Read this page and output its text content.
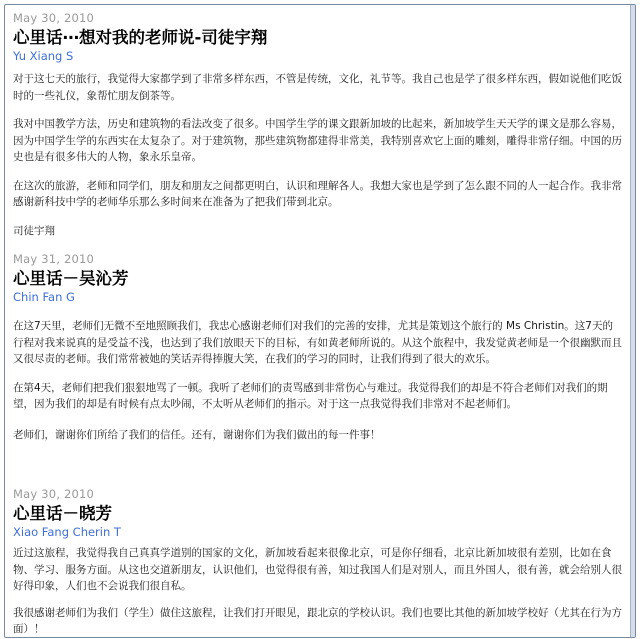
May 30, 2010
心里话⋯想对我的老师说-司徒宇翔
Yu Xiang S
对于这七天的旅行，我觉得大家都学到了非常多样东西，不管是传统，文化，礼节等。我自己也是学了很多样东西，假如说他们吃饭时的一些礼仪，象帮忙朋友倒茶等。
我对中国教学方法，历史和建筑物的看法改变了很多。中国学生学的课文跟新加坡的比起来，新加坡学生天天学的课文是那么容易，因为中国学生学的东西实在太复杂了。对于建筑物，那些建筑物都建得非常美，我特别喜欢它上面的雕刻，雕得非常仔细。中国的历史也是有很多伟大的人物，象永乐皇帝。
在这次的旅游，老师和同学们，朋友和朋友之间都更明白，认识和理解各人。我想大家也是学到了怎么跟不同的人一起合作。我非常感谢新科技中学的老师华乐那么多时间来在准备为了把我们带到北京。
司徒宇翔
May 31, 2010
心里话－吴沁芳
Chin Fan G
在这7天里，老师们无微不至地照顾我们，我忠心感谢老师们对我们的完善的安排，尤其是策划这个旅行的 Ms Christin。这7天的行程对我来说真的是受益不浅，也达到了我们放眼天下的目标，有如黄老师所说的。从这个旅程中，我发觉黄老师是一个很幽默而且又很尽责的老师。我们常常被她的笑话弄得捧腹大笑，在我们的学习的同时，让我们得到了很大的欢乐。
在第4天，老师们把我们狠狠地骂了一顿。我听了老师们的责骂感到非常伤心与难过。我觉得我们的却是不符合老师们对我们的期望，因为我们的却是有时候有点太吵闹，不太听从老师们的指示。对于这一点我觉得我们非常对不起老师们。
老师们，谢谢你们所给了我们的信任。还有，谢谢你们为我们做出的每一件事！
May 30, 2010
心里话－晓芳
Xiao Fang Cherin T
近过这旅程，我觉得我自己真真学道别的国家的文化，新加坡看起来很像北京，可是你仔细看，北京比新加坡很有差别，比如在食物、学习、服务方面。从这也交道新朋友，认识他们，也觉得很有善，知过我国人们是对别人，而且外国人，很有善，就会给别人很好得印象，人们也不会说我们很自私。
我很感谢老师们为我们（学生）做住这旅程，让我们打开眼见，跟北京的学校认识。我们也要比其他的新加坡学校好（尤其在行为方面）！
